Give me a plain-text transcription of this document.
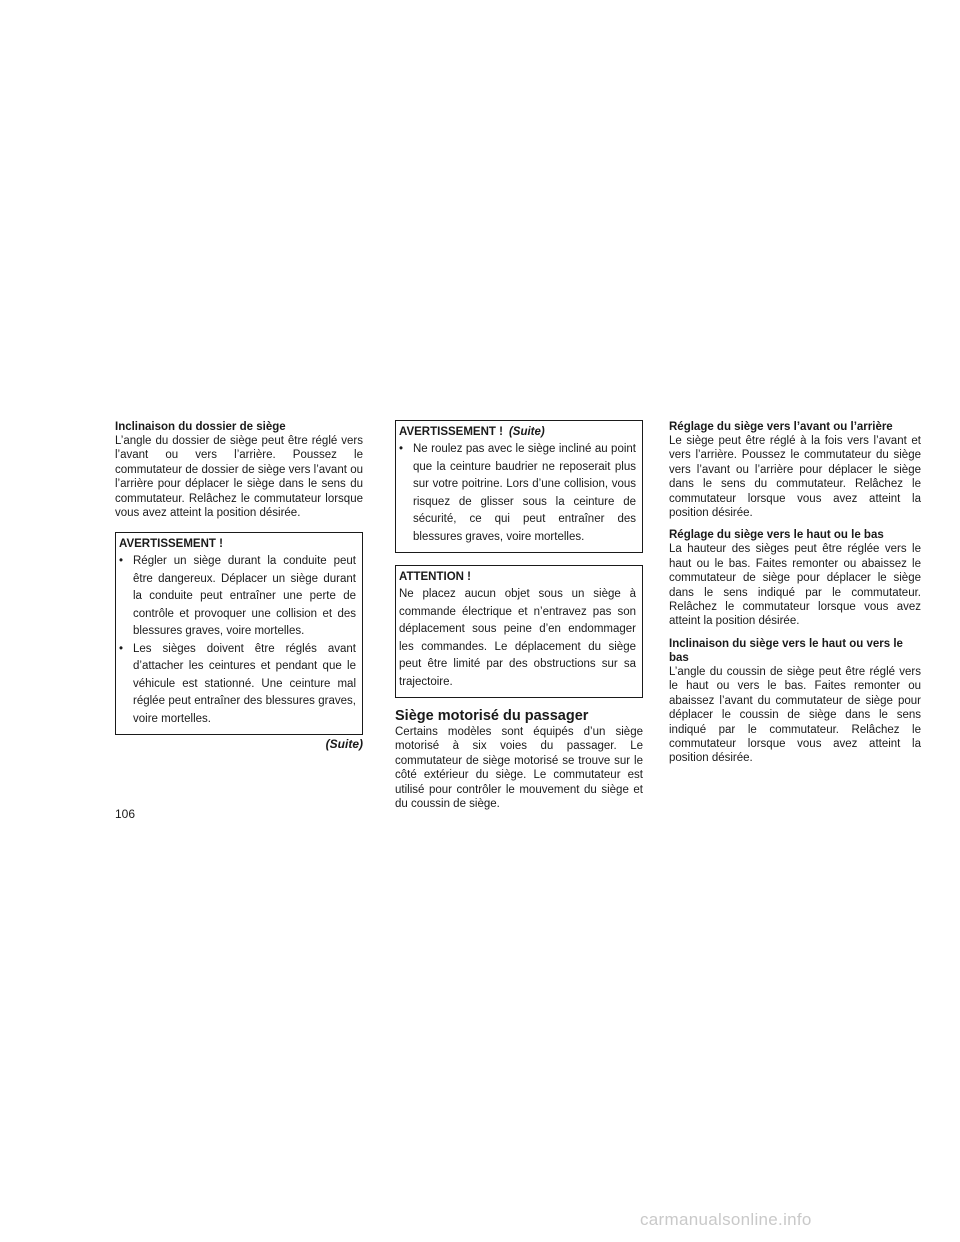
Inclinaison du dossier de siège

L’angle du dossier de siège peut être réglé vers l’avant ou vers l’arrière. Poussez le commutateur de dossier de siège vers l’avant ou l’arrière pour déplacer le siège dans le sens du commutateur. Relâchez le commutateur lorsque vous avez atteint la position désirée.

AVERTISSEMENT !

• Régler un siège durant la conduite peut être dangereux. Déplacer un siège durant la conduite peut entraîner une perte de contrôle et provoquer une collision et des blessures graves, voire mortelles.
• Les sièges doivent être réglés avant d’attacher les ceintures et pendant que le véhicule est stationné. Une ceinture mal réglée peut entraîner des blessures graves, voire mortelles.

(Suite)

AVERTISSEMENT ! (Suite)

• Ne roulez pas avec le siège incliné au point que la ceinture baudrier ne reposerait plus sur votre poitrine. Lors d’une collision, vous risquez de glisser sous la ceinture de sécurité, ce qui peut entraîner des blessures graves, voire mortelles.

ATTENTION !

Ne placez aucun objet sous un siège à commande électrique et n’entravez pas son déplacement sous peine d’en endommager les commandes. Le déplacement du siège peut être limité par des obstructions sur sa trajectoire.

Siège motorisé du passager

Certains modèles sont équipés d’un siège motorisé à six voies du passager. Le commutateur de siège motorisé se trouve sur le côté extérieur du siège. Le commutateur est utilisé pour contrôler le mouvement du siège et du coussin de siège.

Réglage du siège vers l’avant ou l’arrière

Le siège peut être réglé à la fois vers l’avant et vers l’arrière. Poussez le commutateur du siège vers l’avant ou l’arrière pour déplacer le siège dans le sens du commutateur. Relâchez le commutateur lorsque vous avez atteint la position désirée.

Réglage du siège vers le haut ou le bas

La hauteur des sièges peut être réglée vers le haut ou le bas. Faites remonter ou abaissez le commutateur de siège pour déplacer le siège dans le sens indiqué par le commutateur. Relâchez le commutateur lorsque vous avez atteint la position désirée.

Inclinaison du siège vers le haut ou vers le bas

L’angle du coussin de siège peut être réglé vers le haut ou vers le bas. Faites remonter ou abaissez l’avant du commutateur de siège pour déplacer le coussin de siège dans le sens indiqué par le commutateur. Relâchez le commutateur lorsque vous avez atteint la position désirée.

106
carmanualsonline.info
